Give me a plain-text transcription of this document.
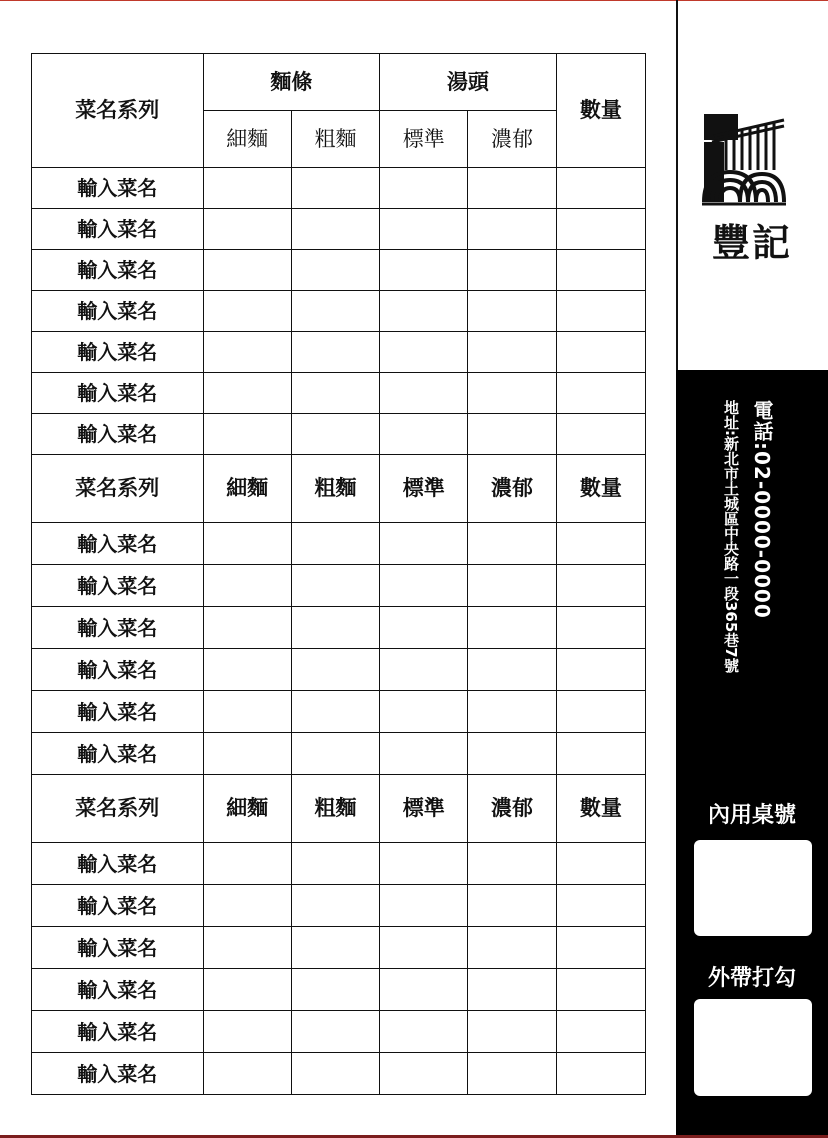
菜名系列	麵條		湯頭		數量
	細麵	粗麵	標準	濃郁	
輸入菜名					
輸入菜名					
輸入菜名					
輸入菜名					
輸入菜名					
輸入菜名					
輸入菜名					
菜名系列	細麵	粗麵	標準	濃郁	數量
輸入菜名					
輸入菜名					
輸入菜名					
輸入菜名					
輸入菜名					
輸入菜名					
菜名系列	細麵	粗麵	標準	濃郁	數量
輸入菜名					
輸入菜名					
輸入菜名					
輸入菜名					
輸入菜名					
輸入菜名					
豐記
電話:02-0000-0000
地址:新北市土城區中央路一段365巷7號
內用桌號
外帶打勾
